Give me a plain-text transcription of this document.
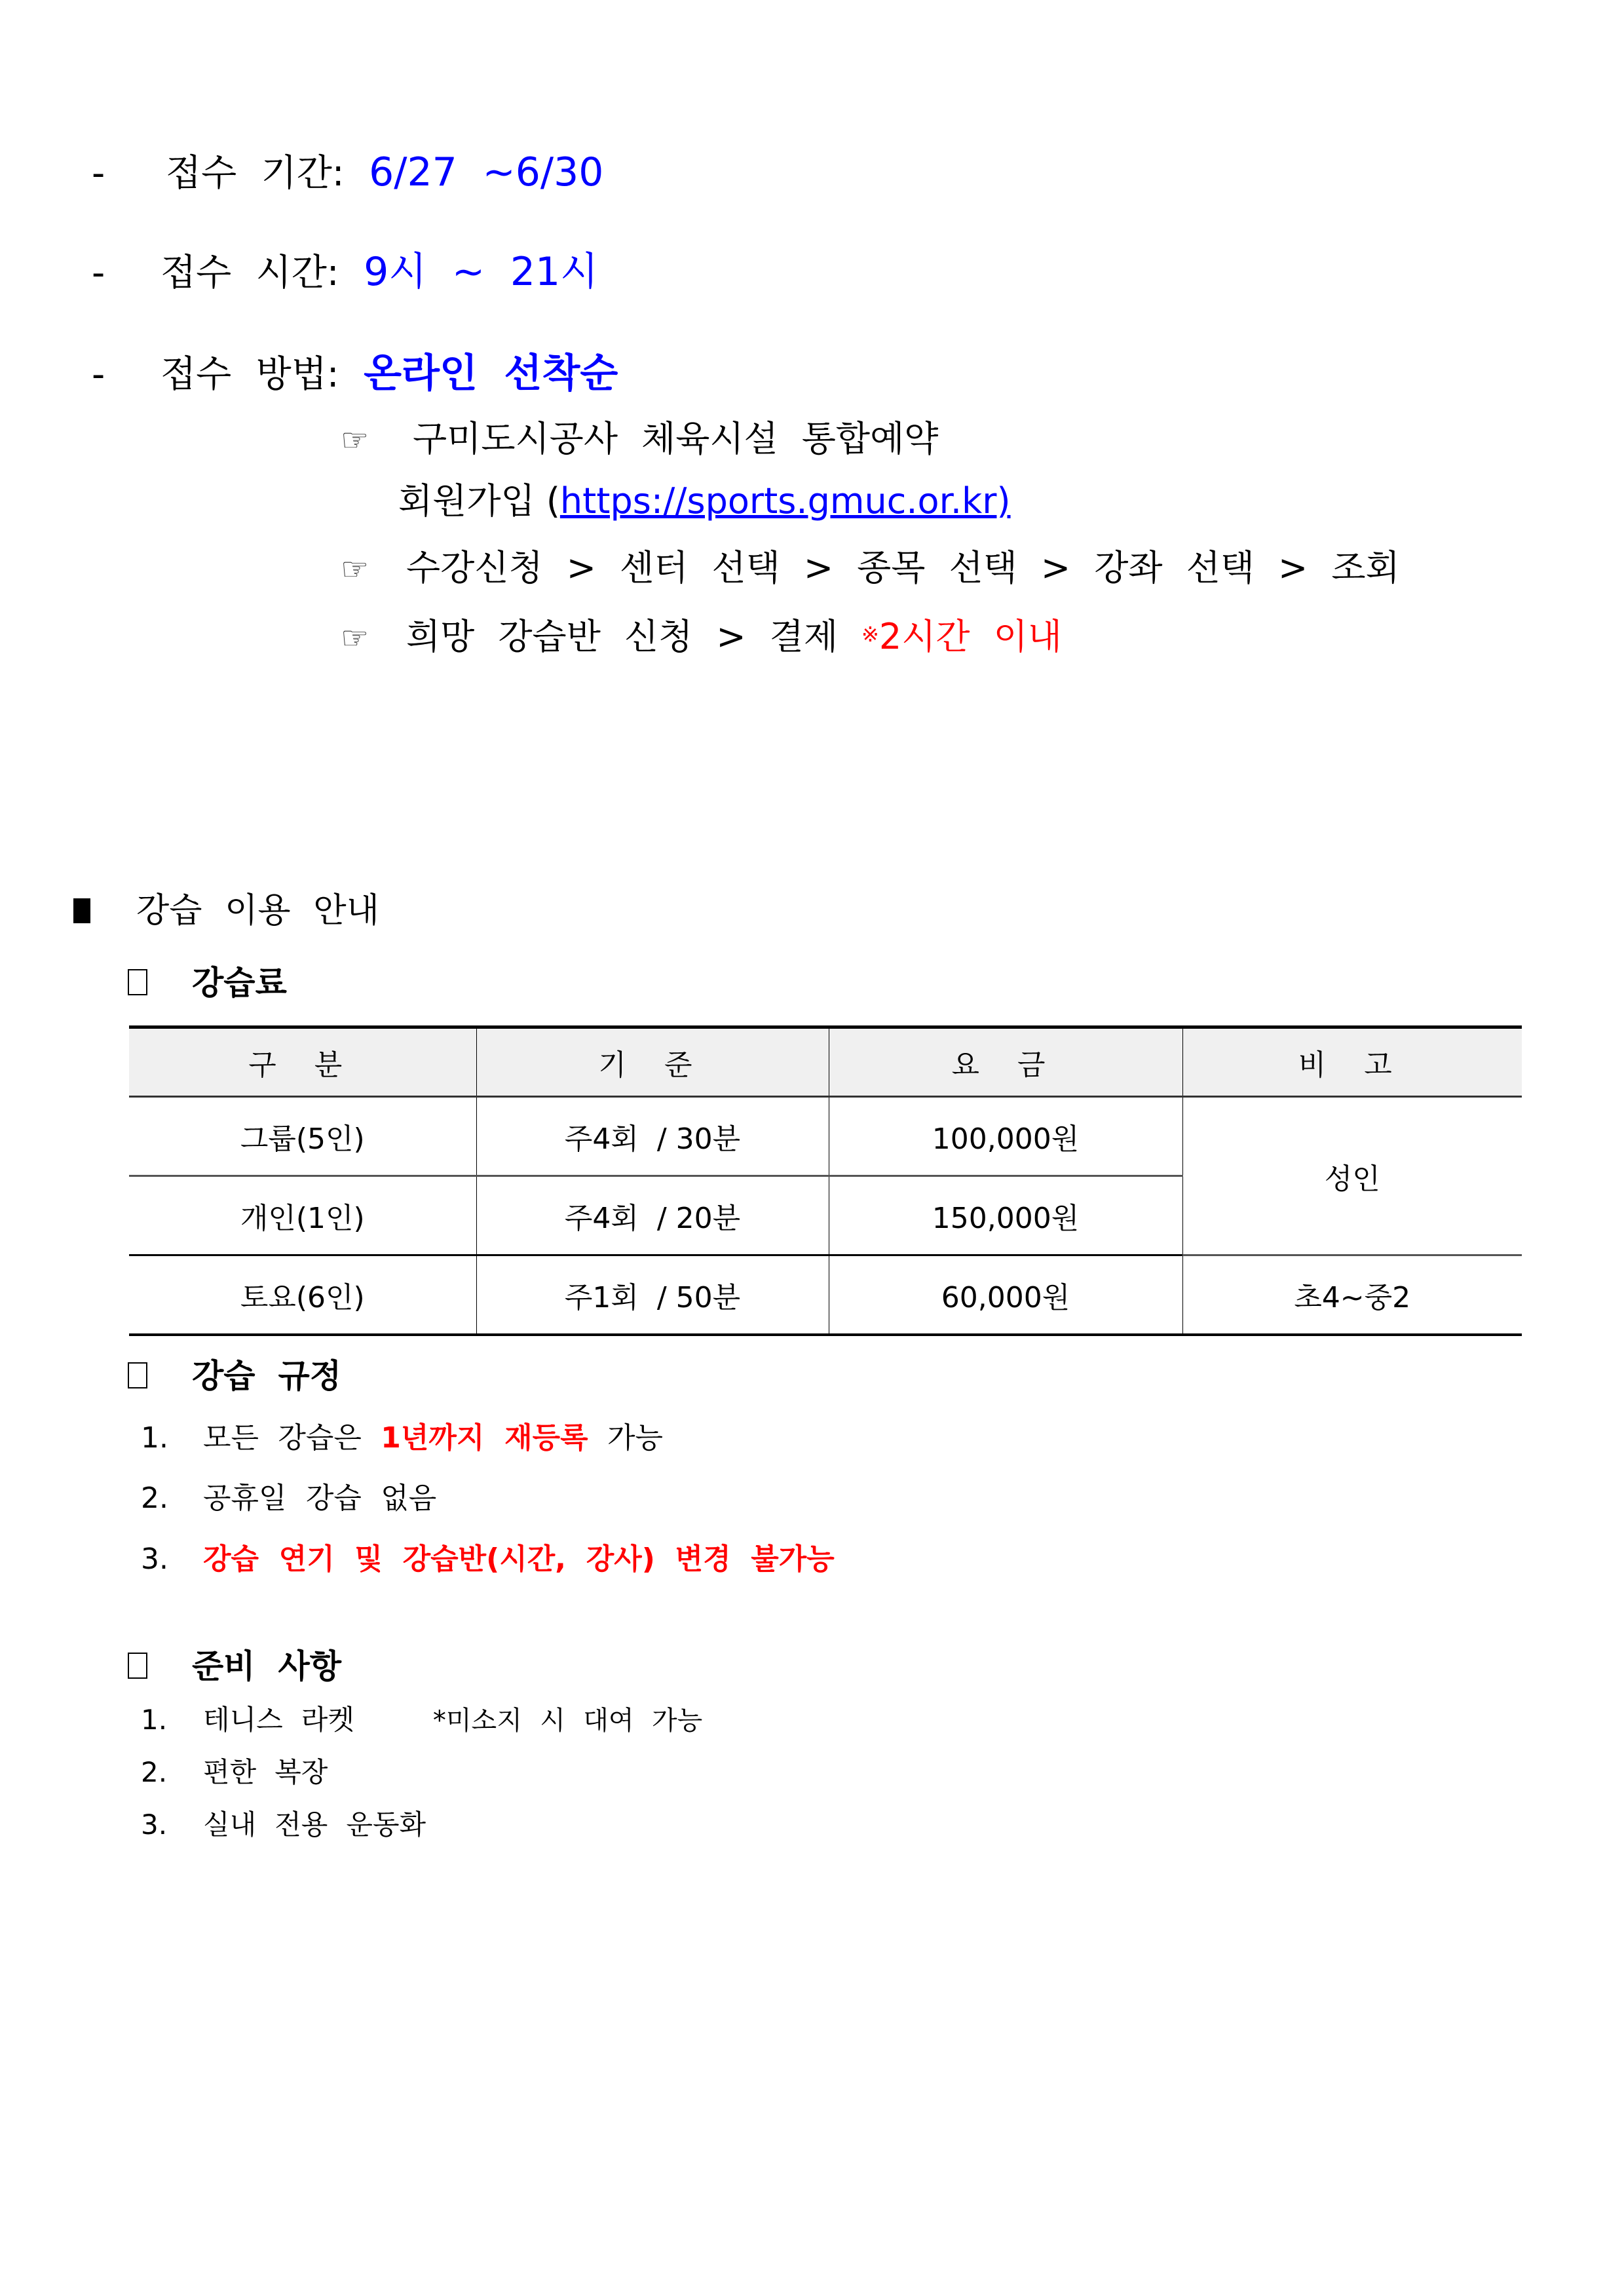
- 접수 기간: 6/27 ~6/30
- 접수 시간: 9시 ~ 21시
- 접수 방법: 온라인 선착순
☞ 구미도시공사 체육시설 통합예약
회원가입 (https://sports.gmuc.or.kr)
☞ 수강신청 > 센터 선택 > 종목 선택 > 강좌 선택 > 조회
☞ 희망 강습반 신청 > 결제 ※2시간 이내
강습 이용 안내
강습료
구 분	기 준	요 금	비 고
그룹(5인)	주4회  / 30분	100,000원	성인
개인(1인)	주4회  / 20분	150,000원	
토요(6인)	주1회  / 50분	60,000원	초4~중2
강습 규정
1. 모든 강습은 1년까지 재등록 가능
2. 공휴일 강습 없음
3. 강습 연기 및 강습반(시간, 강사) 변경 불가능
준비 사항
1. 테니스 라켓	*미소지 시 대여 가능
2. 편한 복장
3. 실내 전용 운동화
